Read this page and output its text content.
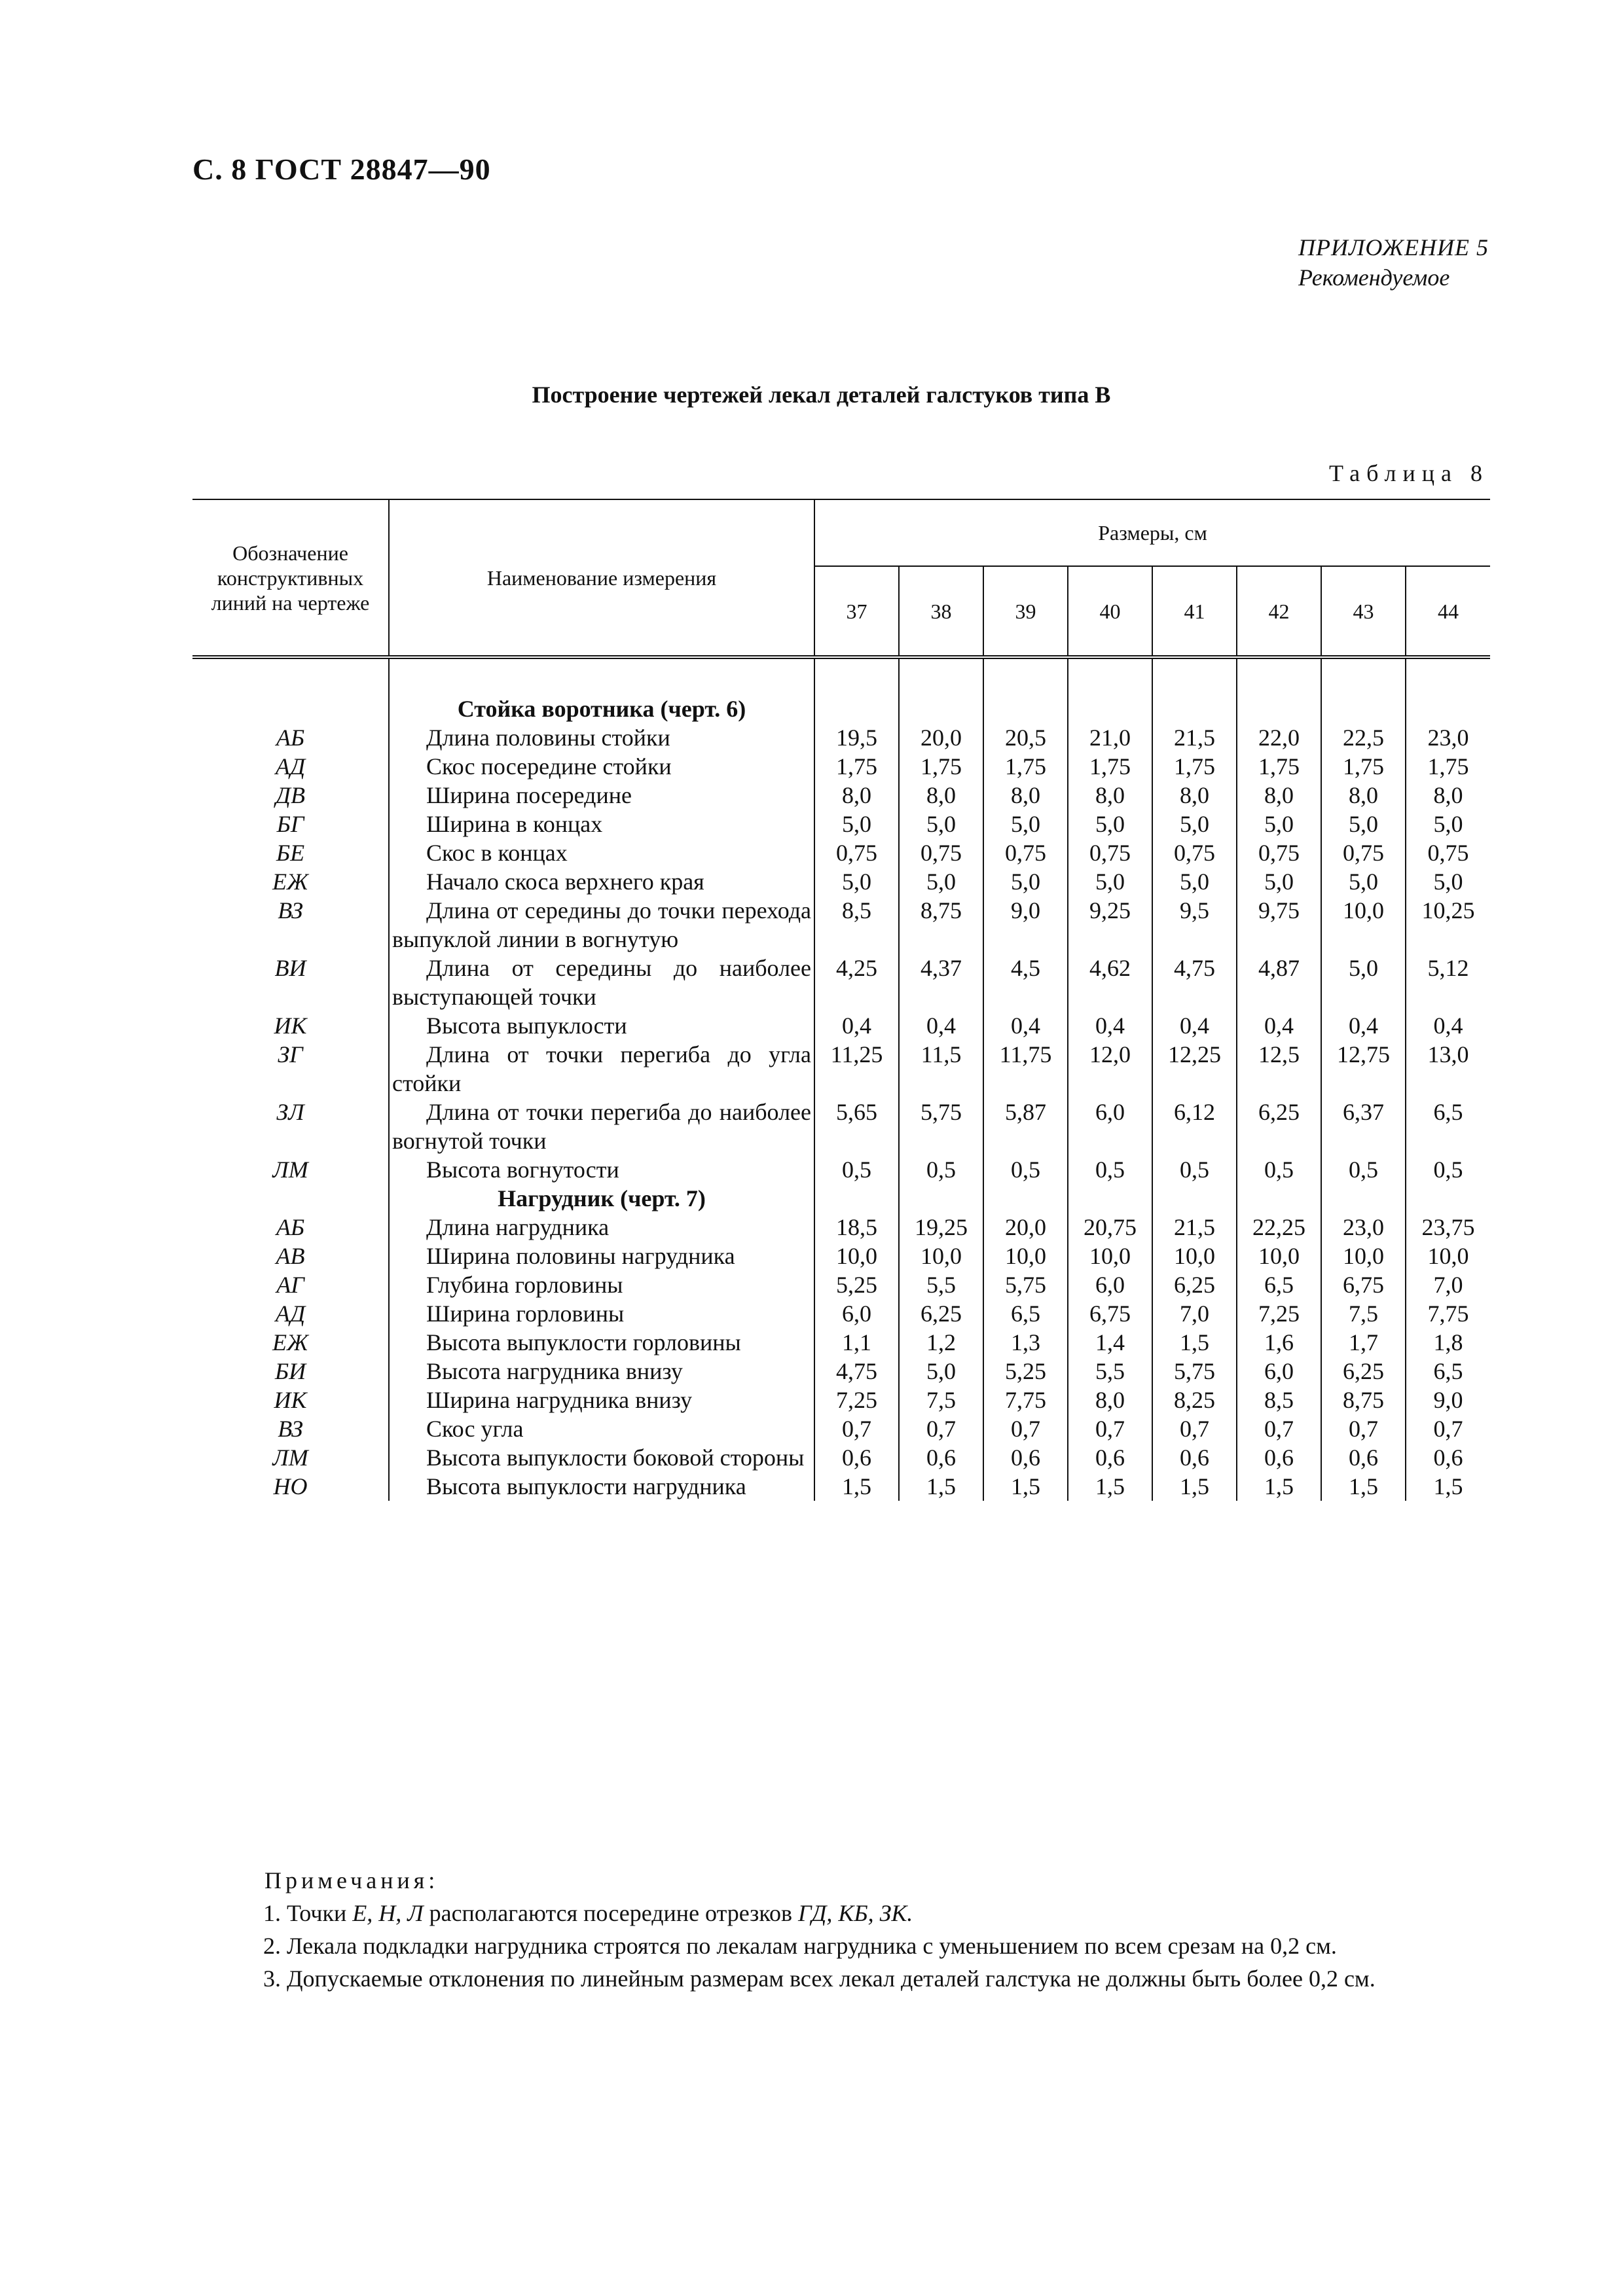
С. 8 ГОСТ 28847—90
ПРИЛОЖЕНИЕ 5
Рекомендуемое
Построение чертежей лекал деталей галстуков типа В
Таблица 8
Обозначение конструктивных линий на чертеже	Наименование измерения	Размеры, см							
		37	38	39	40	41	42	43	44

	Стойка воротника (черт. 6)								
АБ	Длина половины стойки	19,5	20,0	20,5	21,0	21,5	22,0	22,5	23,0
АД	Скос посередине стойки	1,75	1,75	1,75	1,75	1,75	1,75	1,75	1,75
ДВ	Ширина посередине	8,0	8,0	8,0	8,0	8,0	8,0	8,0	8,0
БГ	Ширина в концах	5,0	5,0	5,0	5,0	5,0	5,0	5,0	5,0
БЕ	Скос в концах	0,75	0,75	0,75	0,75	0,75	0,75	0,75	0,75
ЕЖ	Начало скоса верхнего края	5,0	5,0	5,0	5,0	5,0	5,0	5,0	5,0
ВЗ	Длина от середины до точки перехода выпуклой линии в вогнутую	8,5	8,75	9,0	9,25	9,5	9,75	10,0	10,25
ВИ	Длина от середины до наиболее выступающей точки	4,25	4,37	4,5	4,62	4,75	4,87	5,0	5,12
ИК	Высота выпуклости	0,4	0,4	0,4	0,4	0,4	0,4	0,4	0,4
ЗГ	Длина от точки перегиба до угла стойки	11,25	11,5	11,75	12,0	12,25	12,5	12,75	13,0
ЗЛ	Длина от точки перегиба до наиболее вогнутой точки	5,65	5,75	5,87	6,0	6,12	6,25	6,37	6,5
ЛМ	Высота вогнутости	0,5	0,5	0,5	0,5	0,5	0,5	0,5	0,5
	Нагрудник (черт. 7)								
АБ	Длина нагрудника	18,5	19,25	20,0	20,75	21,5	22,25	23,0	23,75
АВ	Ширина половины нагрудника	10,0	10,0	10,0	10,0	10,0	10,0	10,0	10,0
АГ	Глубина горловины	5,25	5,5	5,75	6,0	6,25	6,5	6,75	7,0
АД	Ширина горловины	6,0	6,25	6,5	6,75	7,0	7,25	7,5	7,75
ЕЖ	Высота выпуклости горловины	1,1	1,2	1,3	1,4	1,5	1,6	1,7	1,8
БИ	Высота нагрудника внизу	4,75	5,0	5,25	5,5	5,75	6,0	6,25	6,5
ИК	Ширина нагрудника внизу	7,25	7,5	7,75	8,0	8,25	8,5	8,75	9,0
ВЗ	Скос угла	0,7	0,7	0,7	0,7	0,7	0,7	0,7	0,7
ЛМ	Высота выпуклости боковой стороны	0,6	0,6	0,6	0,6	0,6	0,6	0,6	0,6
НО	Высота выпуклости нагрудника	1,5	1,5	1,5	1,5	1,5	1,5	1,5	1,5
Примечания:

1. Точки Е, Н, Л располагаются посередине отрезков ГД, КБ, ЗК.

2. Лекала подкладки нагрудника строятся по лекалам нагрудника с уменьшением по всем срезам на 0,2 см.

3. Допускаемые отклонения по линейным размерам всех лекал деталей галстука не должны быть более 0,2 см.
